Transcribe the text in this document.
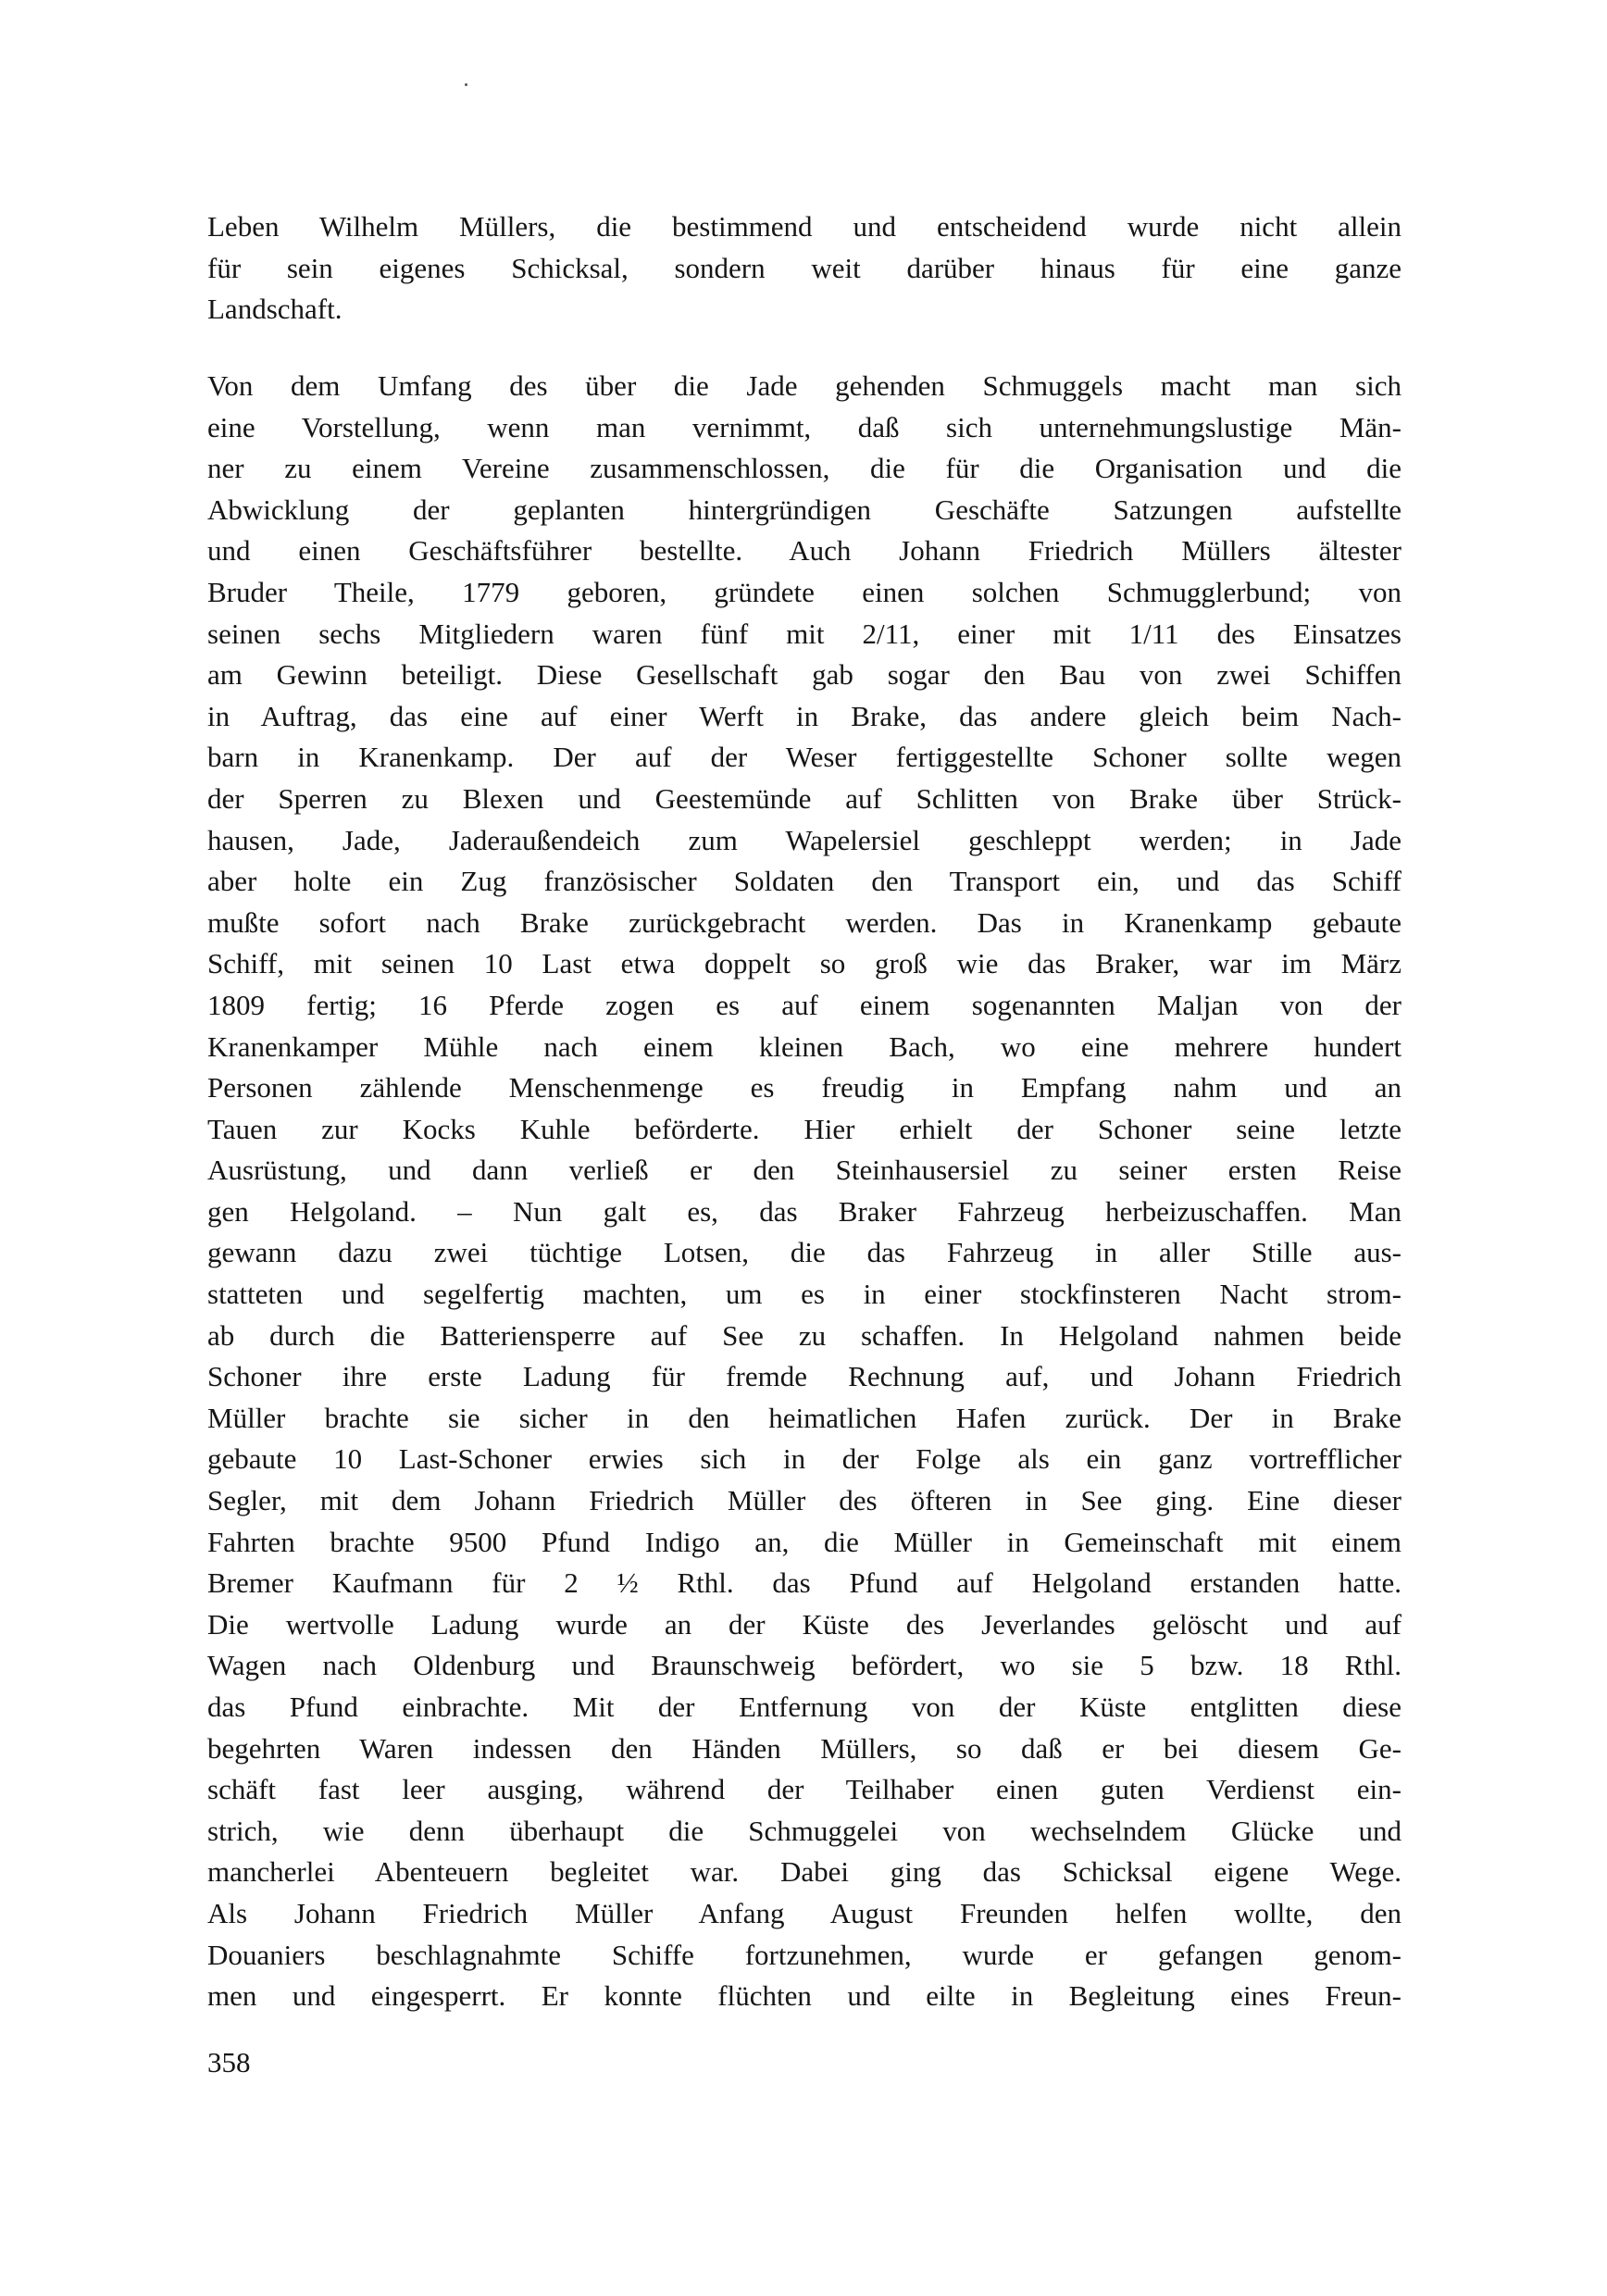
Leben Wilhelm Müllers, die bestimmend und entscheidend wurde nicht allein
für sein eigenes Schicksal, sondern weit darüber hinaus für eine ganze
Landschaft.
Von dem Umfang des über die Jade gehenden Schmuggels macht man sich
eine Vorstellung, wenn man vernimmt, daß sich unternehmungslustige Män-
ner zu einem Vereine zusammenschlossen, die für die Organisation und die
Abwicklung der geplanten hintergründigen Geschäfte Satzungen aufstellte
und einen Geschäftsführer bestellte. Auch Johann Friedrich Müllers ältester
Bruder Theile, 1779 geboren, gründete einen solchen Schmugglerbund; von
seinen sechs Mitgliedern waren fünf mit 2/11, einer mit 1/11 des Einsatzes
am Gewinn beteiligt. Diese Gesellschaft gab sogar den Bau von zwei Schiffen
in Auftrag, das eine auf einer Werft in Brake, das andere gleich beim Nach-
barn in Kranenkamp. Der auf der Weser fertiggestellte Schoner sollte wegen
der Sperren zu Blexen und Geestemünde auf Schlitten von Brake über Strück-
hausen, Jade, Jaderaußendeich zum Wapelersiel geschleppt werden; in Jade
aber holte ein Zug französischer Soldaten den Transport ein, und das Schiff
mußte sofort nach Brake zurückgebracht werden. Das in Kranenkamp gebaute
Schiff, mit seinen 10 Last etwa doppelt so groß wie das Braker, war im März
1809 fertig; 16 Pferde zogen es auf einem sogenannten Maljan von der
Kranenkamper Mühle nach einem kleinen Bach, wo eine mehrere hundert
Personen zählende Menschenmenge es freudig in Empfang nahm und an
Tauen zur Kocks Kuhle beförderte. Hier erhielt der Schoner seine letzte
Ausrüstung, und dann verließ er den Steinhausersiel zu seiner ersten Reise
gen Helgoland. – Nun galt es, das Braker Fahrzeug herbeizuschaffen. Man
gewann dazu zwei tüchtige Lotsen, die das Fahrzeug in aller Stille aus-
statteten und segelfertig machten, um es in einer stockfinsteren Nacht strom-
ab durch die Batteriensperre auf See zu schaffen. In Helgoland nahmen beide
Schoner ihre erste Ladung für fremde Rechnung auf, und Johann Friedrich
Müller brachte sie sicher in den heimatlichen Hafen zurück. Der in Brake
gebaute 10 Last-Schoner erwies sich in der Folge als ein ganz vortrefflicher
Segler, mit dem Johann Friedrich Müller des öfteren in See ging. Eine dieser
Fahrten brachte 9500 Pfund Indigo an, die Müller in Gemeinschaft mit einem
Bremer Kaufmann für 2 ½ Rthl. das Pfund auf Helgoland erstanden hatte.
Die wertvolle Ladung wurde an der Küste des Jeverlandes gelöscht und auf
Wagen nach Oldenburg und Braunschweig befördert, wo sie 5 bzw. 18 Rthl.
das Pfund einbrachte. Mit der Entfernung von der Küste entglitten diese
begehrten Waren indessen den Händen Müllers, so daß er bei diesem Ge-
schäft fast leer ausging, während der Teilhaber einen guten Verdienst ein-
strich, wie denn überhaupt die Schmuggelei von wechselndem Glücke und
mancherlei Abenteuern begleitet war. Dabei ging das Schicksal eigene Wege.
Als Johann Friedrich Müller Anfang August Freunden helfen wollte, den
Douaniers beschlagnahmte Schiffe fortzunehmen, wurde er gefangen genom-
men und eingesperrt. Er konnte flüchten und eilte in Begleitung eines Freun-
358
